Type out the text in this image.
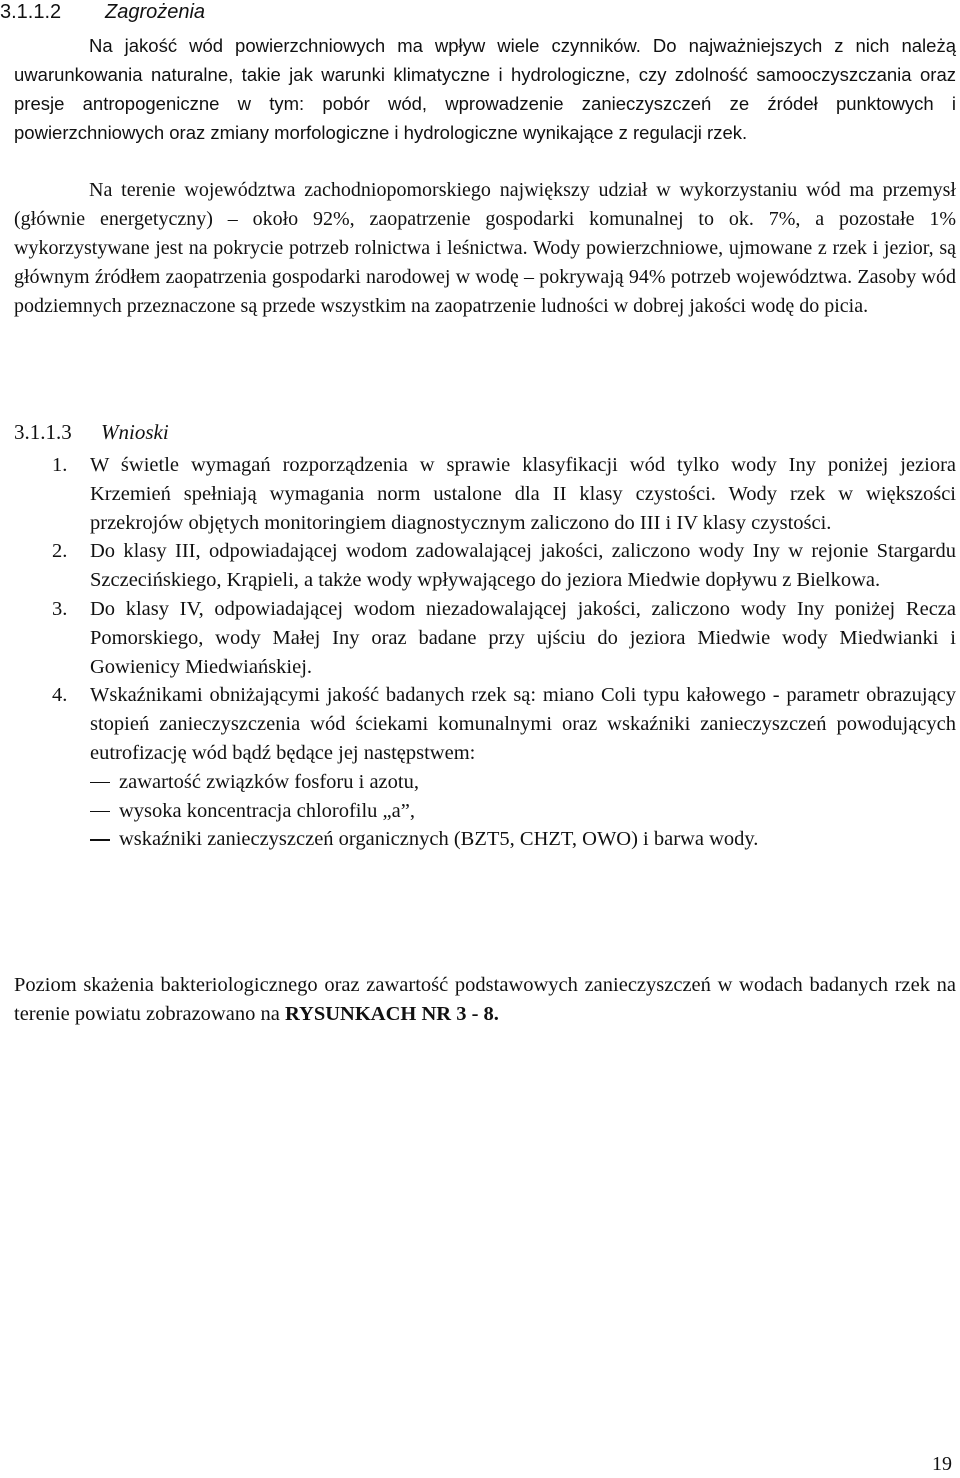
3.1.1.2 Zagrożenia

Na jakość wód powierzchniowych ma wpływ wiele czynników. Do najważniejszych z nich należą uwarunkowania naturalne, takie jak warunki klimatyczne i hydrologiczne, czy zdolność samooczyszczania oraz presje antropogeniczne w tym: pobór wód, wprowadzenie zanieczyszczeń ze źródeł punktowych i powierzchniowych oraz zmiany morfologiczne i hydrologiczne wynikające z regulacji rzek.

Na terenie województwa zachodniopomorskiego największy udział w wykorzystaniu wód ma przemysł (głównie energetyczny) – około 92%, zaopatrzenie gospodarki komunalnej to ok. 7%, a pozostałe 1% wykorzystywane jest na pokrycie potrzeb rolnictwa i leśnictwa. Wody powierzchniowe, ujmowane z rzek i jezior, są głównym źródłem zaopatrzenia gospodarki narodowej w wodę – pokrywają 94% potrzeb województwa. Zasoby wód podziemnych przeznaczone są przede wszystkim na zaopatrzenie ludności w dobrej jakości wodę do picia.

3.1.1.3 Wnioski
1. W świetle wymagań rozporządzenia w sprawie klasyfikacji wód tylko wody Iny poniżej jeziora Krzemień spełniają wymagania norm ustalone dla II klasy czystości. Wody rzek w większości przekrojów objętych monitoringiem diagnostycznym zaliczono do III i IV klasy czystości.
2. Do klasy III, odpowiadającej wodom zadowalającej jakości, zaliczono wody Iny w rejonie Stargardu Szczecińskiego, Krąpieli, a także wody wpływającego do jeziora Miedwie dopływu z Bielkowa.
3. Do klasy IV, odpowiadającej wodom niezadowalającej jakości, zaliczono wody Iny poniżej Recza Pomorskiego, wody Małej Iny oraz badane przy ujściu do jeziora Miedwie wody Miedwianki i Gowienicy Miedwiańskiej.
4. Wskaźnikami obniżającymi jakość badanych rzek są: miano Coli typu kałowego - parametr obrazujący stopień zanieczyszczenia wód ściekami komunalnymi oraz wskaźniki zanieczyszczeń powodujących eutrofizację wód bądź będące jej następstwem:
zawartość związków fosforu i azotu,
wysoka koncentracja chlorofilu „a”,
wskaźniki zanieczyszczeń organicznych (BZT5, CHZT, OWO) i barwa wody.

Poziom skażenia bakteriologicznego oraz zawartość podstawowych zanieczyszczeń w wodach badanych rzek na terenie powiatu zobrazowano na RYSUNKACH NR 3 - 8.

19
